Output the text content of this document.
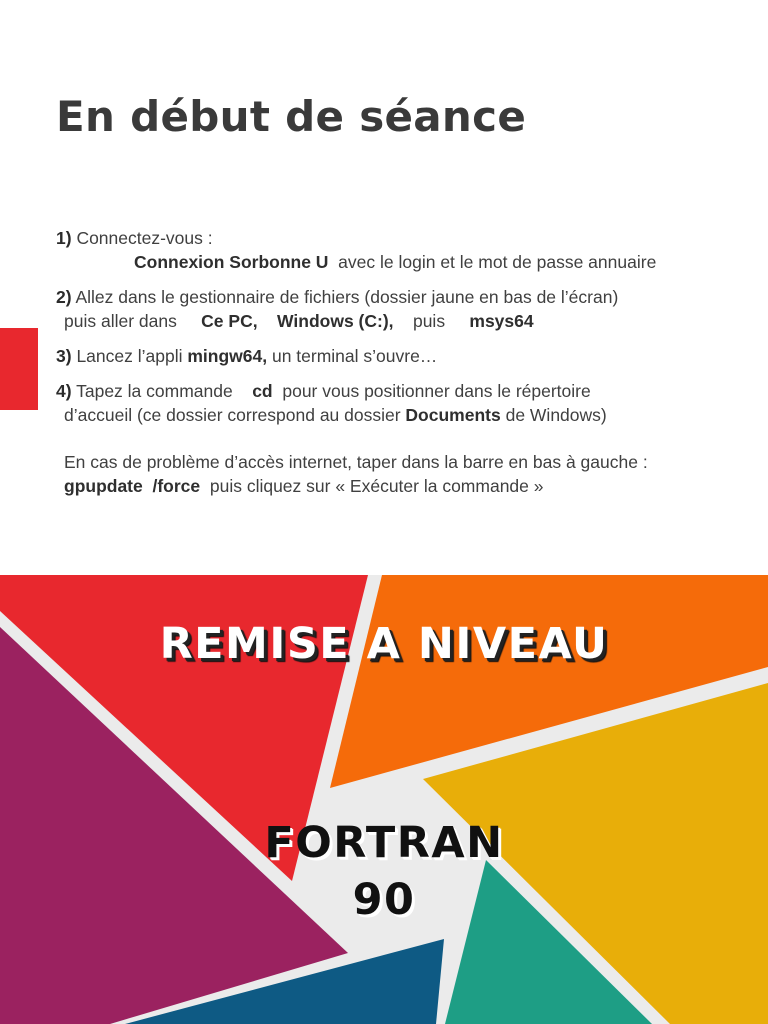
En début de séance
1) Connectez-vous :
Connexion Sorbonne U  avec le login et le mot de passe annuaire
2) Allez dans le gestionnaire de fichiers (dossier jaune en bas de l’écran)
puis aller dans     Ce PC, Windows (C:), puis msys64
3) Lancez l’appli mingw64, un terminal s’ouvre…
4) Tapez la commande    cd  pour vous positionner dans le répertoire
d’accueil (ce dossier correspond au dossier Documents de Windows)
En cas de problème d’accès internet, taper dans la barre en bas à gauche :
gpupdate  /force  puis cliquez sur « Exécuter la commande »
REMISE A NIVEAU
FORTRAN
90
